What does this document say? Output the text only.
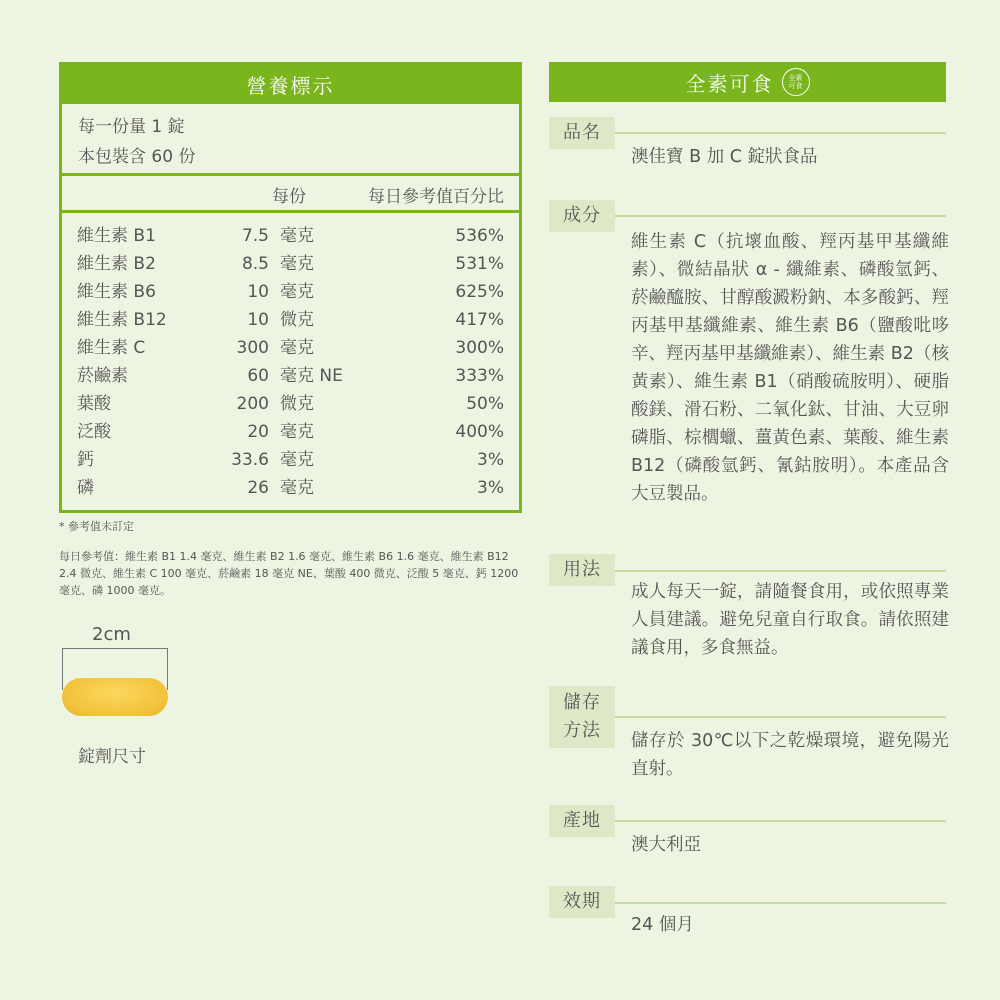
營養標示
每一份量 1 錠
本包裝含 60 份
每份	每日參考值百分比
維生素 B1	7.5 毫克	536%
維生素 B2	8.5 毫克	531%
維生素 B6	10 毫克	625%
維生素 B12	10 微克	417%
維生素 C	300 毫克	300%
菸鹼素	60 毫克 NE	333%
葉酸	200 微克	50%
泛酸	20 毫克	400%
鈣	33.6 毫克	3%
磷	26 毫克	3%
* 參考值未訂定
每日參考值：維生素 B1 1.4 毫克、維生素 B2 1.6 毫克、維生素 B6 1.6 毫克、維生素 B12 2.4 微克、維生素 C 100 毫克、菸鹼素 18 毫克 NE、葉酸 400 微克、泛酸 5 毫克、鈣 1200 毫克、磷 1000 毫克。
2cm
錠劑尺寸
全素可食	全素
可食
品名
澳佳寶 B 加 C 錠狀食品
成分
維生素 C（抗壞血酸、羥丙基甲基纖維素）、微結晶狀 α - 纖維素、磷酸氫鈣、菸鹼醯胺、甘醇酸澱粉鈉、本多酸鈣、羥丙基甲基纖維素、維生素 B6（鹽酸吡哆辛、羥丙基甲基纖維素）、維生素 B2（核黃素）、維生素 B1（硝酸硫胺明）、硬脂酸鎂、滑石粉、二氧化鈦、甘油、大豆卵磷脂、棕櫚蠟、薑黃色素、葉酸、維生素 B12（磷酸氫鈣、氰鈷胺明）。本產品含大豆製品。
用法
成人每天一錠，請隨餐食用，或依照專業人員建議。避免兒童自行取食。請依照建議食用，多食無益。
儲存
方法	儲存於 30℃以下之乾燥環境，避免陽光直射。
產地
澳大利亞
效期
24 個月
